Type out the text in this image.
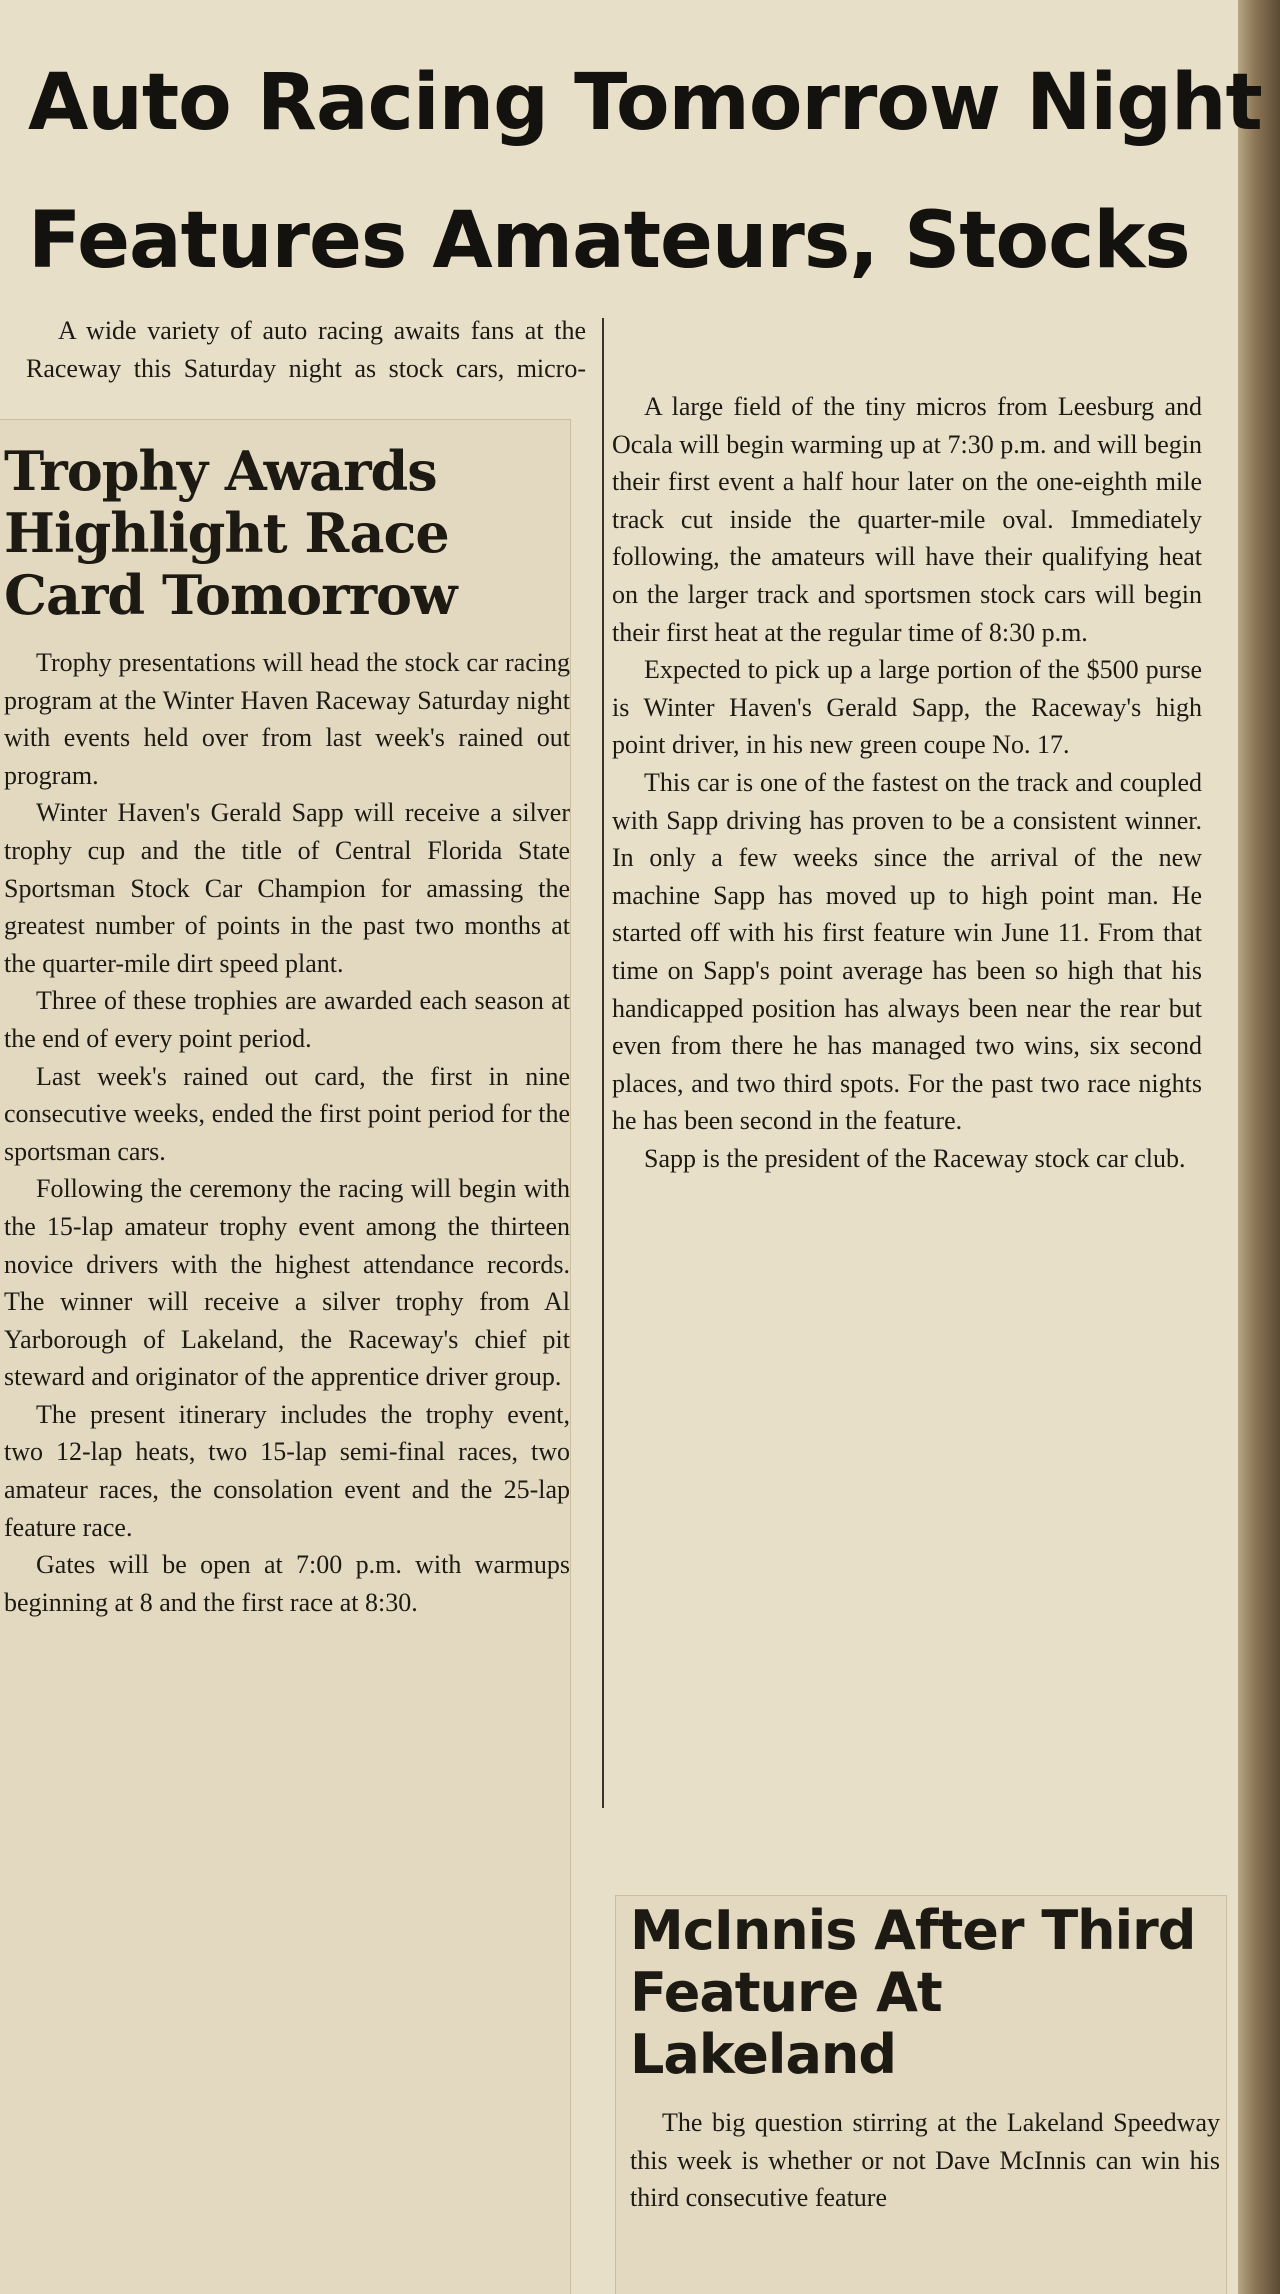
Auto Racing Tomorrow Night
Features Amateurs, Stocks

A wide variety of auto racing awaits fans at the Raceway this Saturday night as stock cars, micro-

A large field of the tiny micros from Leesburg and Ocala will begin warming up at 7:30 p.m. and will begin their first event a half hour later on the one-eighth mile track cut inside the quarter-mile oval. Immediately following, the amateurs will have their qualifying heat on the larger track and sportsmen stock cars will begin their first heat at the regular time of 8:30 p.m.

Expected to pick up a large portion of the $500 purse is Winter Haven's Gerald Sapp, the Raceway's high point driver, in his new green coupe No. 17.

This car is one of the fastest on the track and coupled with Sapp driving has proven to be a consistent winner. In only a few weeks since the arrival of the new machine Sapp has moved up to high point man. He started off with his first feature win June 11. From that time on Sapp's point average has been so high that his handicapped position has always been near the rear but even from there he has managed two wins, six second places, and two third spots. For the past two race nights he has been second in the feature.

Sapp is the president of the Raceway stock car club.

Trophy Awards Highlight Race Card Tomorrow

Trophy presentations will head the stock car racing program at the Winter Haven Raceway Saturday night with events held over from last week's rained out program.

Winter Haven's Gerald Sapp will receive a silver trophy cup and the title of Central Florida State Sportsman Stock Car Champion for amassing the greatest number of points in the past two months at the quarter-mile dirt speed plant.

Three of these trophies are awarded each season at the end of every point period.

Last week's rained out card, the first in nine consecutive weeks, ended the first point period for the sportsman cars.

Following the ceremony the racing will begin with the 15-lap amateur trophy event among the thirteen novice drivers with the highest attendance records. The winner will receive a silver trophy from Al Yarborough of Lakeland, the Raceway's chief pit steward and originator of the apprentice driver group.

The present itinerary includes the trophy event, two 12-lap heats, two 15-lap semi-final races, two amateur races, the consolation event and the 25-lap feature race.

Gates will be open at 7:00 p.m. with warmups beginning at 8 and the first race at 8:30.

McInnis After Third Feature At Lakeland

The big question stirring at the Lakeland Speedway this week is whether or not Dave McInnis can win his third consecutive feature
